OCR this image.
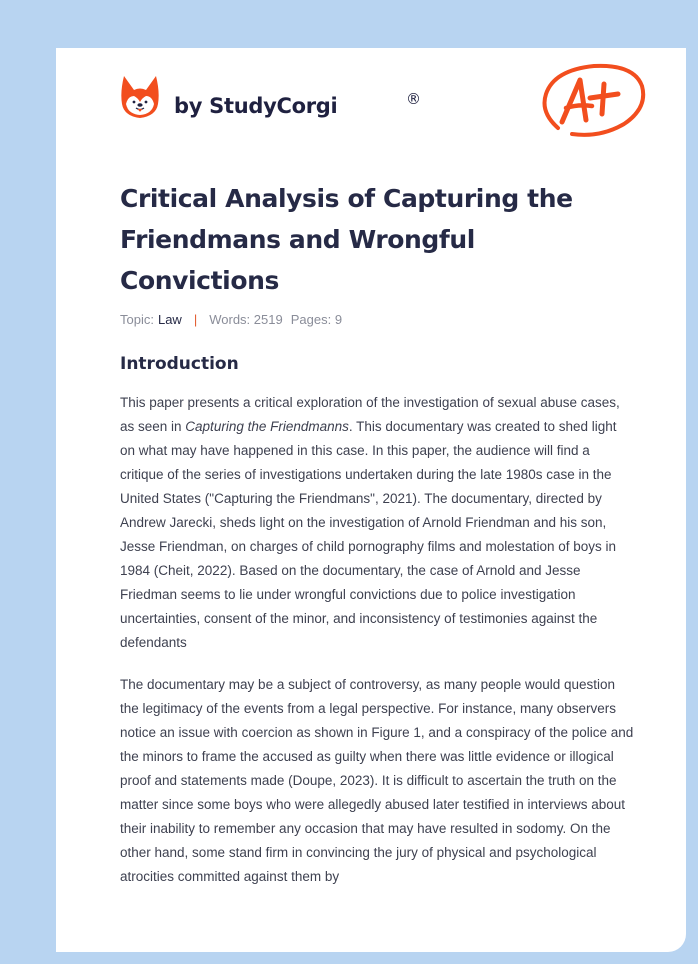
by StudyCorgi	®
Critical Analysis of Capturing the Friendmans and Wrongful Convictions
Topic: Law | Words:
2519 Pages:
9
Introduction

This paper presents a critical exploration of the investigation of sexual abuse cases, as seen in Capturing the Friendmanns. This documentary was created to shed light on what may have happened in this case. In this paper, the audience will find a critique of the series of investigations undertaken during the late 1980s case in the United States ("Capturing the Friendmans", 2021). The documentary, directed by Andrew Jarecki, sheds light on the investigation of Arnold Friendman and his son, Jesse Friendman, on charges of child pornography films and molestation of boys in 1984 (Cheit, 2022). Based on the documentary, the case of Arnold and Jesse Friedman seems to lie under wrongful convictions due to police investigation uncertainties, consent of the minor, and inconsistency of testimonies against the defendants

The documentary may be a subject of controversy, as many people would question the legitimacy of the events from a legal perspective. For instance, many observers notice an issue with coercion as shown in Figure 1, and a conspiracy of the police and the minors to frame the accused as guilty when there was little evidence or illogical proof and statements made (Doupe, 2023). It is difficult to ascertain the truth on the matter since some boys who were allegedly abused later testified in interviews about their inability to remember any occasion that may have resulted in sodomy. On the other hand, some stand firm in convincing the jury of physical and psychological atrocities committed against them by
